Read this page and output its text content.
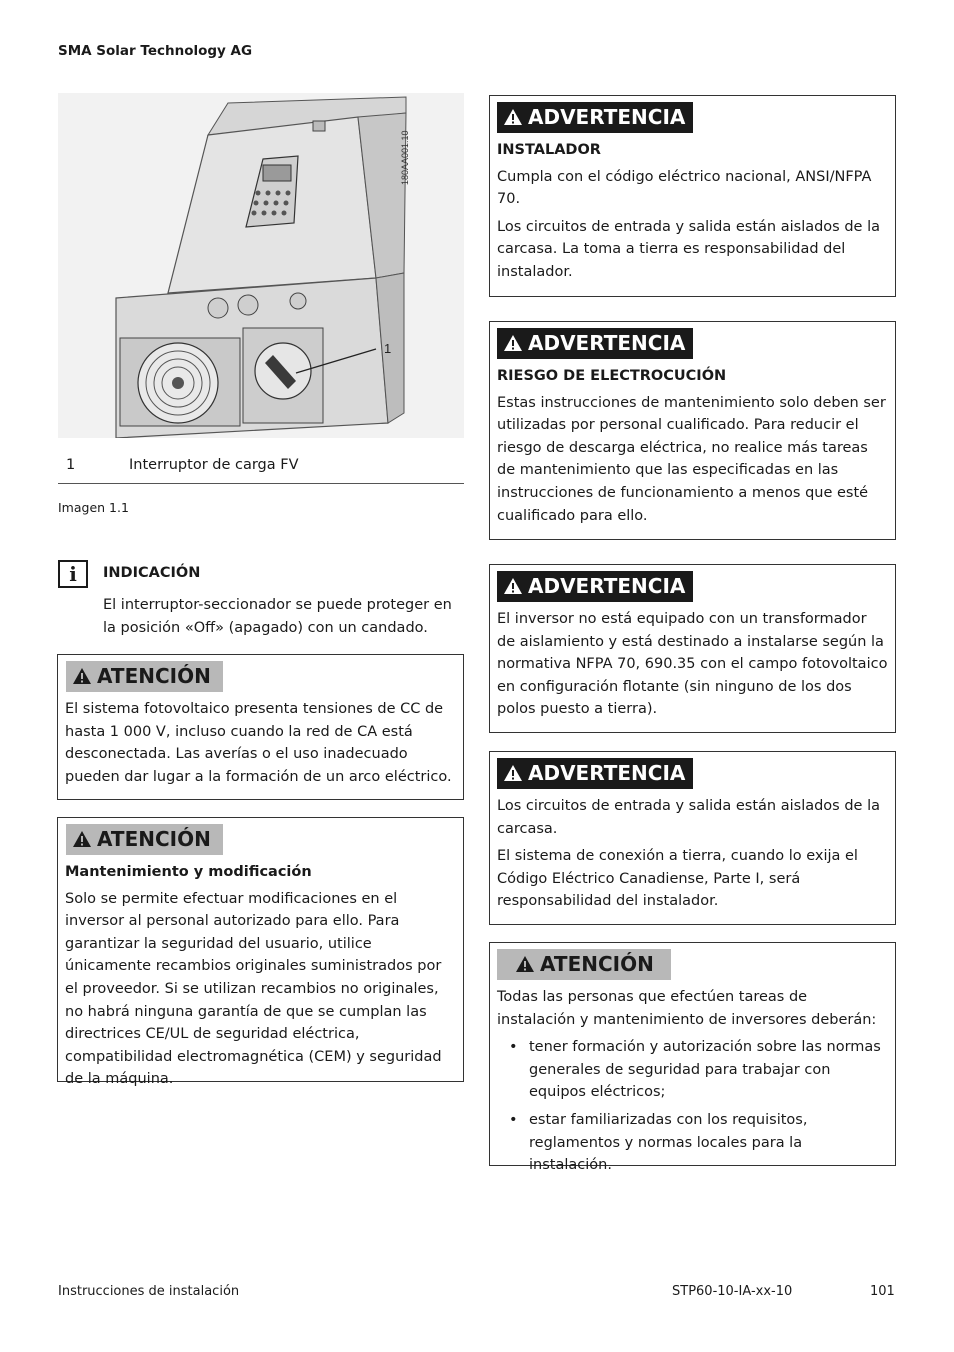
SMA Solar Technology AG
1
180AA001.10
1	Interruptor de carga FV
Imagen 1.1
i	INDICACIÓN
El interruptor-seccionador se puede proteger en la posición «Off» (apagado) con un candado.
ATENCIÓN
El sistema fotovoltaico presenta tensiones de CC de hasta 1 000 V, incluso cuando la red de CA está desconectada. Las averías o el uso inadecuado pueden dar lugar a la formación de un arco eléctrico.
ATENCIÓN
Mantenimiento y modificación
Solo se permite efectuar modificaciones en el inversor al personal autorizado para ello. Para garantizar la seguridad del usuario, utilice únicamente recambios originales suministrados por el proveedor. Si se utilizan recambios no originales, no habrá ninguna garantía de que se cumplan las directrices CE/UL de seguridad eléctrica, compatibilidad electromagnética (CEM) y seguridad de la máquina.
ADVERTENCIA
INSTALADOR

Cumpla con el código eléctrico nacional, ANSI/NFPA 70.

Los circuitos de entrada y salida están aislados de la carcasa. La toma a tierra es responsabilidad del instalador.

ADVERTENCIA
RIESGO DE ELECTROCUCIÓN

Estas instrucciones de mantenimiento solo deben ser utilizadas por personal cualificado. Para reducir el riesgo de descarga eléctrica, no realice más tareas de mantenimiento que las especificadas en las instrucciones de funcionamiento a menos que esté cualificado para ello.

ADVERTENCIA

El inversor no está equipado con un transformador de aislamiento y está destinado a instalarse según la normativa NFPA 70, 690.35 con el campo fotovoltaico en configuración flotante (sin ninguno de los dos polos puesto a tierra).

ADVERTENCIA

Los circuitos de entrada y salida están aislados de la carcasa.

El sistema de conexión a tierra, cuando lo exija el Código Eléctrico Canadiense, Parte I, será responsabilidad del instalador.

ATENCIÓN

Todas las personas que efectúen tareas de instalación y mantenimiento de inversores deberán:

• tener formación y autorización sobre las normas generales de seguridad para trabajar con equipos eléctricos;
• estar familiarizadas con los requisitos, reglamentos y normas locales para la instalación.
Instrucciones de instalación	STP60-10-IA-xx-10	101
